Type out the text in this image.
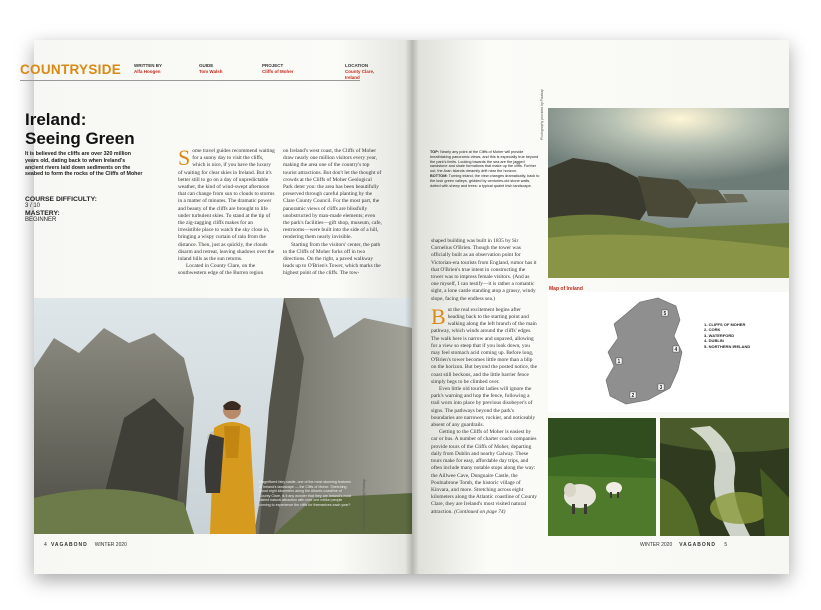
COUNTRYSIDE	WRITTEN BY
Alfa Hoogen
GUIDE
Tom Walsh
PROJECT
Cliffs of Moher
LOCATION
County Clare, Ireland
Ireland:
Seeing Green
It is believed the cliffs are over 320 million years old, dating back to when Ireland's ancient rivers laid down sediments on the seabed to form the rocks of the Cliffs of Moher
COURSE DIFFICULTY:
3 / 10
MASTERY:
BEGINNER

Some travel guides recommend waiting for a sunny day to visit the cliffs, which is nice, if you have the luxury of waiting for clear skies in Ireland. But it's better still to go on a day of unpredictable weather, the kind of wind-swept afternoon that can change from sun to clouds to storms in a matter of minutes. The dramatic power and beauty of the cliffs are brought to life under turbulent skies. To stand at the tip of the zig-zagging cliffs makes for an irresistible place to watch the sky close in, bringing a wispy curtain of rain from the distance. Then, just as quickly, the clouds disarm and retreat, leaving shadows over the inland hills as the sun returns.

Located in County Clare, on the southwestern edge of the Burren region

on Ireland's west coast, the Cliffs of Moher draw nearly one million visitors every year, making the area one of the country's top tourist attractions. But don't let the thought of crowds at the Cliffs of Moher Geological Park deter you: the area has been beautifully preserved through careful planting by the Clare County Council. For the most part, the panoramic views of cliffs are blissfully unobstructed by man-made elements; even the park's facilities—gift shop, museum, cafe, restrooms—were built into the side of a hill, rendering them nearly invisible.

Starting from the visitors' center, the path to the Cliffs of Moher forks off in two directions. On the right, a paved walkway leads up to O'Brien's Tower, which marks the highest point of the cliffs. The tow-

Magnificent fairy castle, one of the most stunning features of Ireland's landscape — the Cliffs of Moher. Stretching about eight kilometers along the Atlantic coastline of County Clare, is it any wonder that they are Ireland's most visited natural attraction with over one million people coming to experience the cliffs for themselves each year?	Photography provided by Pixabay
4 VAGABOND WINTER 2020
TOP: Nearly any point at the Cliffs of Moher will provide breathtaking panoramic views, and this is especially true beyond the park's limits. Looking towards the sea are the jagged sandstone and shale formations that make up the cliffs. Further out, the Aran Islands dreamily drift near the horizon.
BOTTOM: Turning inland, the view changes dramatically, back to the lush green valleys, gridded by centuries-old stone walls, dotted with sheep and trees: a typical quaint Irish landscape.

shaped building was built in 1835 by Sir Cornelius O'Brien. Though the tower was officially built as an observation point for Victorian-era tourists from England, rumor has it that O'Brien's true intent in constructing the tower was to impress female visitors. (And as one myself, I can testify—it is rather a romantic sight, a lone castle standing atop a grassy, windy slope, facing the endless sea.)

But the real excitement begins after heading back to the starting point and walking along the left branch of the main pathway, which winds around the cliffs' edges. The walk here is narrow and unpaved, allowing for a view so steep that if you look down, you may feel stomach acid coming up. Before long, O'Brien's tower becomes little more than a blip on the horizon. But beyond the posted notice, the coast still beckons, and the little barrier fence simply begs to be climbed over.

Even little old tourist ladies will ignore the park's warning and hop the fence, following a trail worn into place by previous disobeyer's of signs. The pathways beyond the park's boundaries are narrower, rockier, and noticeably absent of any guardrails.

Getting to the Cliffs of Moher is easiest by car or bus. A number of charter coach companies provide tours of the Cliffs of Moher, departing daily from Dublin and nearby Galway. These tours make for easy, affordable day trips, and often include many notable stops along the way: the Aillwee Cave, Dunguaire Castle, the Poulnabrone Tomb, the historic village of Kinvara, and more. Stretching across eight kilometers along the Atlantic coastline of County Clare, they are Ireland's most visited natural attraction. (Continued on page 74)

Photography provided by Pixabay
Map of Ireland
5
4
1
3
2
1- CLIFFS OF MOHER
2- CORK
3- WATERFORD
4- DUBLIN
5- NORTHERN IRELAND
WINTER 2020 VAGABOND 5
